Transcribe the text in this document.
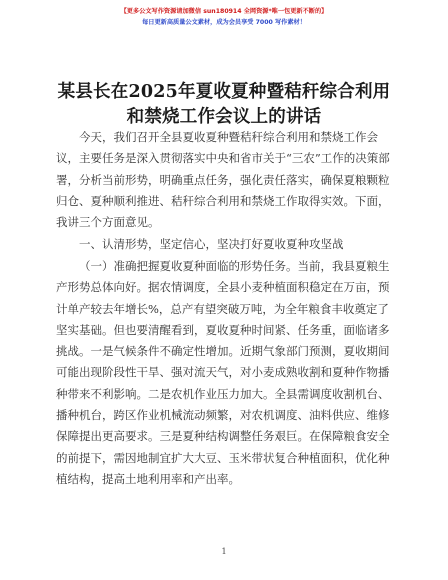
【更多公文写作资源请加微信 sun180914 全网资源*唯一包更新不断的】
每日更新高质量公文素材，成为会员享受 7000 写作素材！
某县长在2025年夏收夏种暨秸秆综合利用和禁烧工作会议上的讲话
今天，我们召开全县夏收夏种暨秸秆综合利用和禁烧工作会议，主要任务是深入贯彻落实中央和省市关于“三农”工作的决策部署，分析当前形势，明确重点任务，强化责任落实，确保夏粮颗粒归仓、夏种顺利推进、秸秆综合利用和禁烧工作取得实效。下面，我讲三个方面意见。
一、认清形势，坚定信心，坚决打好夏收夏种攻坚战
（一）准确把握夏收夏种面临的形势任务。当前，我县夏粮生产形势总体向好。据农情调度，全县小麦种植面积稳定在万亩，预计单产较去年增长%，总产有望突破万吨，为全年粮食丰收奠定了坚实基础。但也要清醒看到，夏收夏种时间紧、任务重，面临诸多挑战。一是气候条件不确定性增加。近期气象部门预测，夏收期间可能出现阶段性干旱、强对流天气，对小麦成熟收割和夏种作物播种带来不利影响。二是农机作业压力加大。全县需调度收割机台、播种机台，跨区作业机械流动频繁，对农机调度、油料供应、维修保障提出更高要求。三是夏种结构调整任务艰巨。在保障粮食安全的前提下，需因地制宜扩大大豆、玉米带状复合种植面积，优化种植结构，提高土地利用率和产出率。
1
